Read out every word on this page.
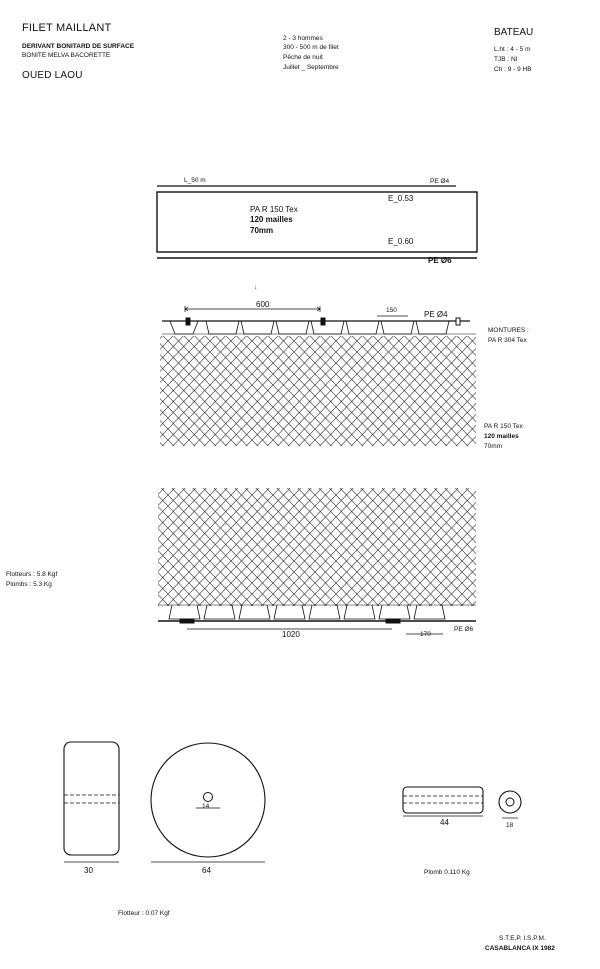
FILET MAILLANT
DERIVANT BONITARD DE SURFACE
BONITE MELVA BACORETTE
OUED LAOU
2 - 3 hommes
300 - 500 m de filet
Pêche de nuit
Juillet _ Septembre
BATEAU
L.ht : 4 - 5 m
TJB : NI
Ch : 9 - 9 HB
L_50 m	PE Ø4
E_0.53
PA R 150 Tex
120 mailles
70mm
E_0.60
PE Ø6
↓
600
150	PE Ø4
MONTURES :
PA R 304 Tex
PA R 150 Tex
120 mailles
70mm
1020	170
PE Ø6
Flotteurs : 5.8 Kgf
Plombs : 5.3 Kg
30	64
14
Flotteur : 0.07 Kgf
44	18
Plomb 0.110 Kg
S.T.E.P. I.S.P.M.
CASABLANCA IX 1982
